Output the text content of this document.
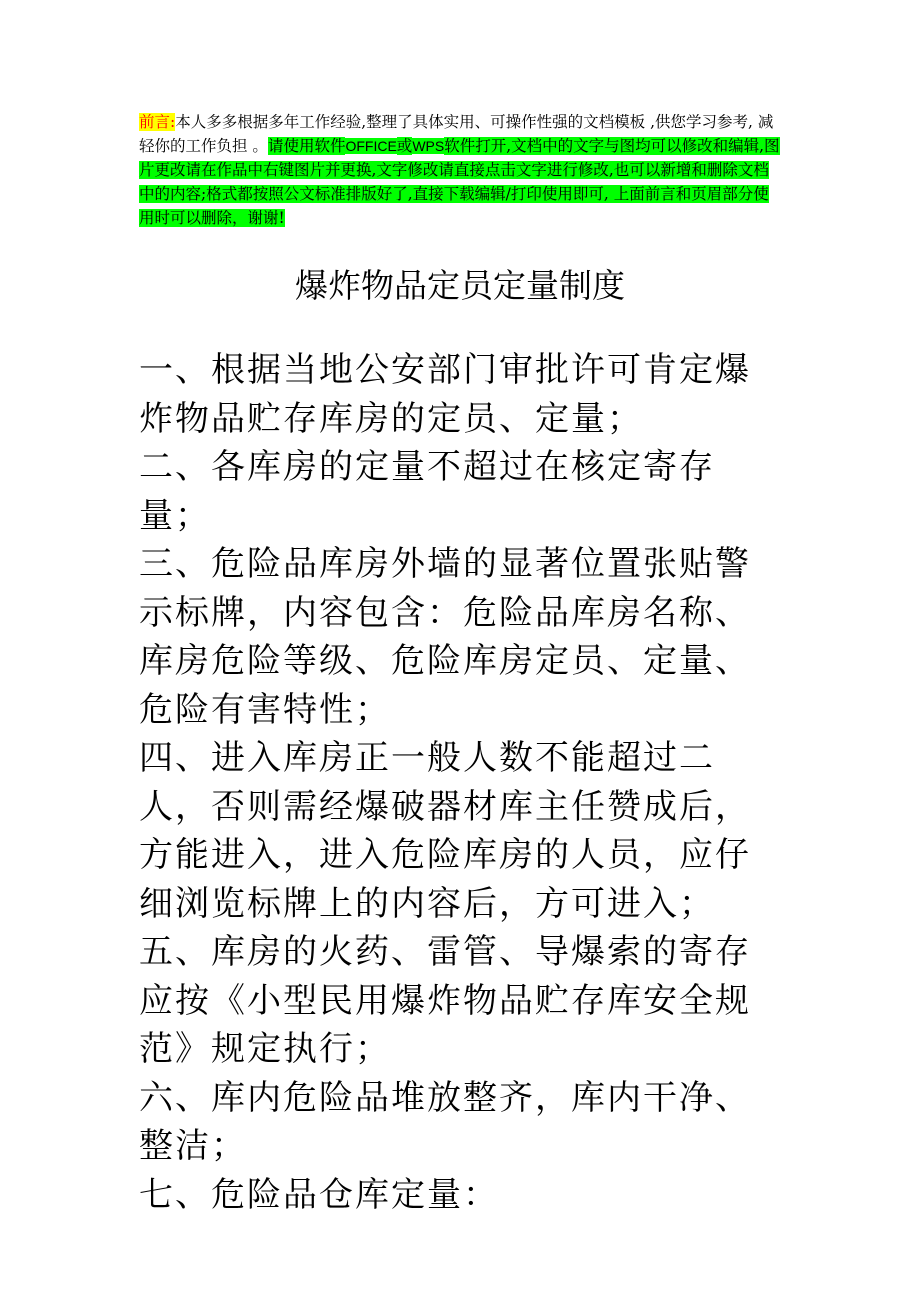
前言:本人多多根据多年工作经验,整理了具体实用、可操作性强的文档模板 ,供您学习参考, 减轻你的工作负担 。请使用软件OFFICE或WPS软件打开,文档中的文字与图均可以修改和编辑,图片更改请在作品中右键图片并更换,文字修改请直接点击文字进行修改,也可以新增和删除文档中的内容;格式都按照公文标准排版好了,直接下载编辑/打印使用即可, 上面前言和页眉部分使用时可以删除，谢谢!
爆炸物品定员定量制度

一、根据当地公安部门审批许可肯定爆炸物品贮存库房的定员、定量；

二、各库房的定量不超过在核定寄存量；

三、危险品库房外墙的显著位置张贴警示标牌，内容包含：危险品库房名称、库房危险等级、危险库房定员、定量、危险有害特性；

四、进入库房正一般人数不能超过二人，否则需经爆破器材库主任赞成后，方能进入，进入危险库房的人员，应仔细浏览标牌上的内容后，方可进入；

五、库房的火药、雷管、导爆索的寄存应按《小型民用爆炸物品贮存库安全规范》规定执行；

六、库内危险品堆放整齐，库内干净、整洁；

七、危险品仓库定量：
